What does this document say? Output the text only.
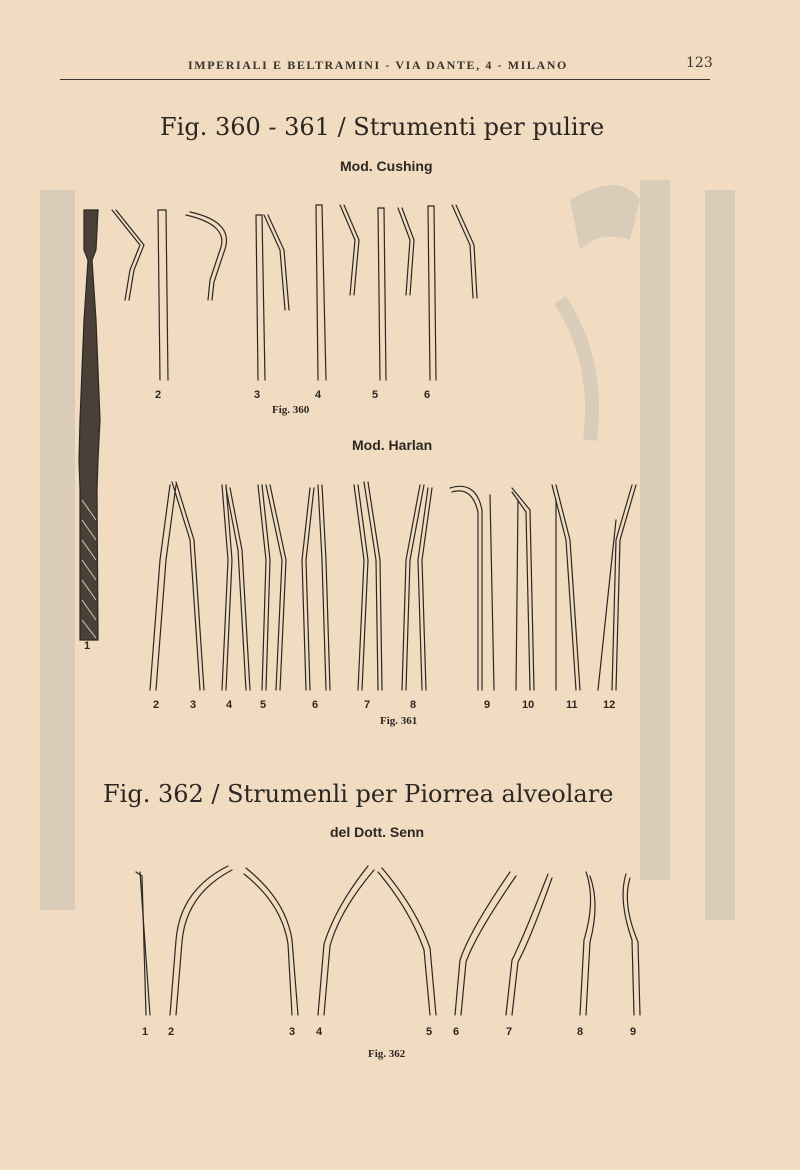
IMPERIALI E BELTRAMINI - VIA DANTE, 4 - MILANO	123
Fig. 360 - 361 / Strumenti per pulire
Mod. Cushing
1
2	3	4	5	6
Fig. 360
Mod. Harlan
2	3	4	5	6	7	8	9	10	11 12
Fig. 361
Fig. 362 / Strumenli per Piorrea alveolare
del Dott. Senn
1 2	3 4	5 6	7	8	9
Fig. 362
